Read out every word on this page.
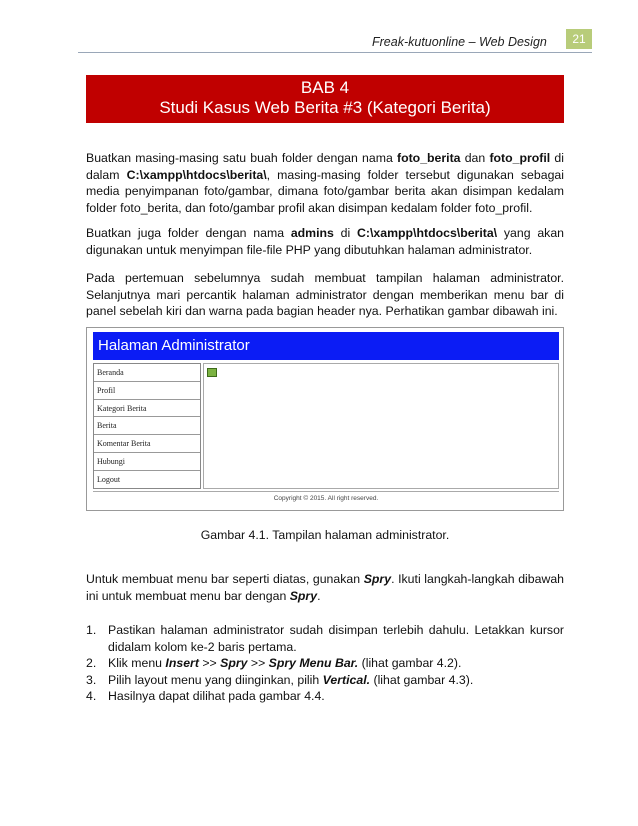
Freak-kutuonline – Web Design	21
BAB 4
Studi Kasus Web Berita #3 (Kategori Berita)
Buatkan masing-masing satu buah folder dengan nama foto_berita dan foto_profil di dalam C:\xampp\htdocs\berita\, masing-masing folder tersebut digunakan sebagai media penyimpanan foto/gambar, dimana foto/gambar berita akan disimpan kedalam folder foto_berita, dan foto/gambar profil akan disimpan kedalam folder foto_profil.
Buatkan juga folder dengan nama admins di C:\xampp\htdocs\berita\ yang akan digunakan untuk menyimpan file-file PHP yang dibutuhkan halaman administrator.
Pada pertemuan sebelumnya sudah membuat tampilan halaman administrator. Selanjutnya mari percantik halaman administrator dengan memberikan menu bar di panel sebelah kiri dan warna pada bagian header nya. Perhatikan gambar dibawah ini.
Halaman Administrator
Beranda
Profil
Kategori Berita
Berita
Komentar Berita
Hubungi
Logout
Copyright © 2015. All right reserved.
Gambar 4.1. Tampilan halaman administrator.
Untuk membuat menu bar seperti diatas, gunakan Spry. Ikuti langkah-langkah dibawah ini untuk membuat menu bar dengan Spry.
1. Pastikan halaman administrator sudah disimpan terlebih dahulu. Letakkan kursor didalam kolom ke-2 baris pertama.
2. Klik menu Insert >> Spry >> Spry Menu Bar. (lihat gambar 4.2).
3. Pilih layout menu yang diinginkan, pilih Vertical. (lihat gambar 4.3).
4. Hasilnya dapat dilihat pada gambar 4.4.
